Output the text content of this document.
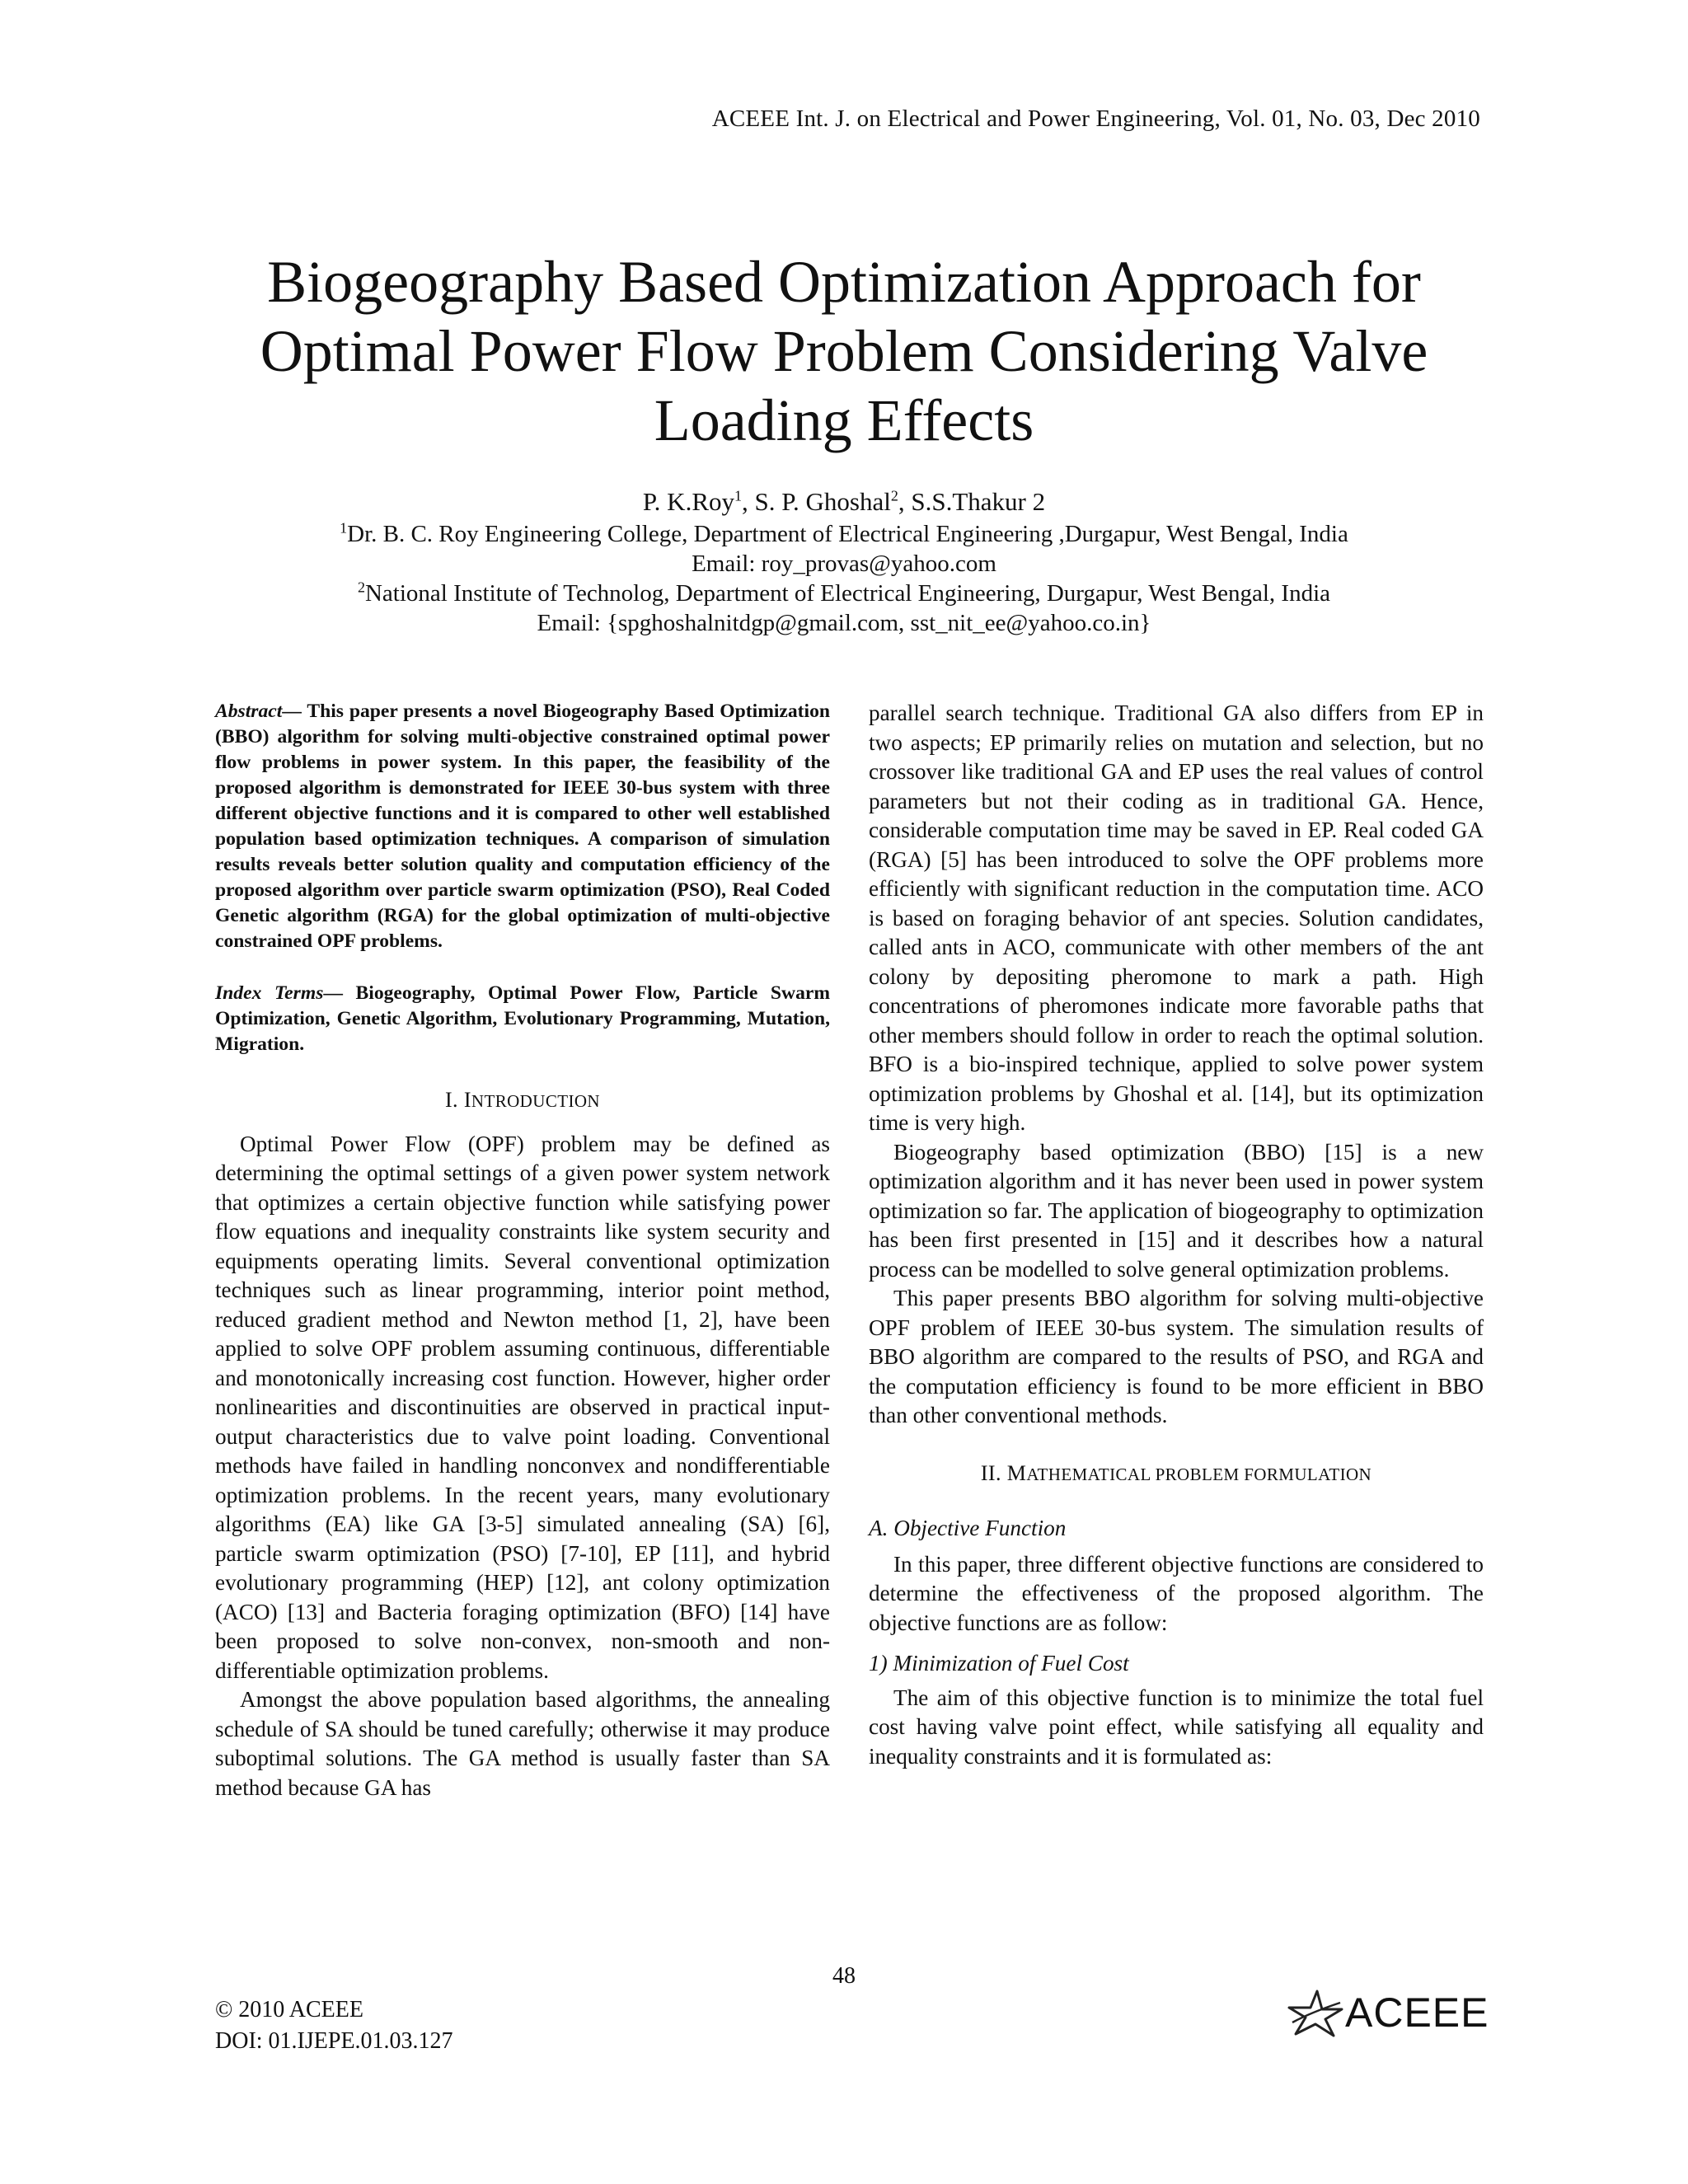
ACEEE Int. J. on Electrical and Power Engineering, Vol. 01, No. 03, Dec 2010
Biogeography Based Optimization Approach for
Optimal Power Flow Problem Considering Valve
Loading Effects
P. K.Roy$^1$, S. P. Ghoshal$^2$, S.S.Thakur 2
$^1$Dr. B. C. Roy Engineering College, Department of Electrical Engineering ,Durgapur, West Bengal, India
Email: roy_provas@yahoo.com
$^2$National Institute of Technolog, Department of Electrical Engineering, Durgapur, West Bengal, India
Email: {spghoshalnitdgp@gmail.com, sst_nit_ee@yahoo.co.in}

Abstract— This paper presents a novel Biogeography Based Optimization (BBO) algorithm for solving multi-objective constrained optimal power flow problems in power system. In this paper, the feasibility of the proposed algorithm is demonstrated for IEEE 30-bus system with three different objective functions and it is compared to other well established population based optimization techniques. A comparison of simulation results reveals better solution quality and computation efficiency of the proposed algorithm over particle swarm optimization (PSO), Real Coded Genetic algorithm (RGA) for the global optimization of multi-objective constrained OPF problems.

Index Terms— Biogeography, Optimal Power Flow, Particle Swarm Optimization, Genetic Algorithm, Evolutionary Programming, Mutation, Migration.

I. INTRODUCTION

Optimal Power Flow (OPF) problem may be defined as determining the optimal settings of a given power system network that optimizes a certain objective function while satisfying power flow equations and inequality constraints like system security and equipments operating limits. Several conventional optimization techniques such as linear programming, interior point method, reduced gradient method and Newton method [1, 2], have been applied to solve OPF problem assuming continuous, differentiable and monotonically increasing cost function. However, higher order nonlinearities and discontinuities are observed in practical input-output characteristics due to valve point loading. Conventional methods have failed in handling nonconvex and nondifferentiable optimization problems. In the recent years, many evolutionary algorithms (EA) like GA [3-5] simulated annealing (SA) [6], particle swarm optimization (PSO) [7-10], EP [11], and hybrid evolutionary programming (HEP) [12], ant colony optimization (ACO) [13] and Bacteria foraging optimization (BFO) [14] have been proposed to solve non-convex, non-smooth and non-differentiable optimization problems.

Amongst the above population based algorithms, the annealing schedule of SA should be tuned carefully; otherwise it may produce suboptimal solutions. The GA method is usually faster than SA method because GA has

parallel search technique. Traditional GA also differs from EP in two aspects; EP primarily relies on mutation and selection, but no crossover like traditional GA and EP uses the real values of control parameters but not their coding as in traditional GA. Hence, considerable computation time may be saved in EP. Real coded GA (RGA) [5] has been introduced to solve the OPF problems more efficiently with significant reduction in the computation time. ACO is based on foraging behavior of ant species. Solution candidates, called ants in ACO, communicate with other members of the ant colony by depositing pheromone to mark a path. High concentrations of pheromones indicate more favorable paths that other members should follow in order to reach the optimal solution. BFO is a bio-inspired technique, applied to solve power system optimization problems by Ghoshal et al. [14], but its optimization time is very high.

Biogeography based optimization (BBO) [15] is a new optimization algorithm and it has never been used in power system optimization so far. The application of biogeography to optimization has been first presented in [15] and it describes how a natural process can be modelled to solve general optimization problems.

This paper presents BBO algorithm for solving multi-objective OPF problem of IEEE 30-bus system. The simulation results of BBO algorithm are compared to the results of PSO, and RGA and the computation efficiency is found to be more efficient in BBO than other conventional methods.

II. MATHEMATICAL PROBLEM FORMULATION

A. Objective Function

In this paper, three different objective functions are considered to determine the effectiveness of the proposed algorithm. The objective functions are as follow:

1) Minimization of Fuel Cost

The aim of this objective function is to minimize the total fuel cost having valve point effect, while satisfying all equality and inequality constraints and it is formulated as:

48
© 2010 ACEEE
DOI: 01.IJEPE.01.03.127
ACEEE
